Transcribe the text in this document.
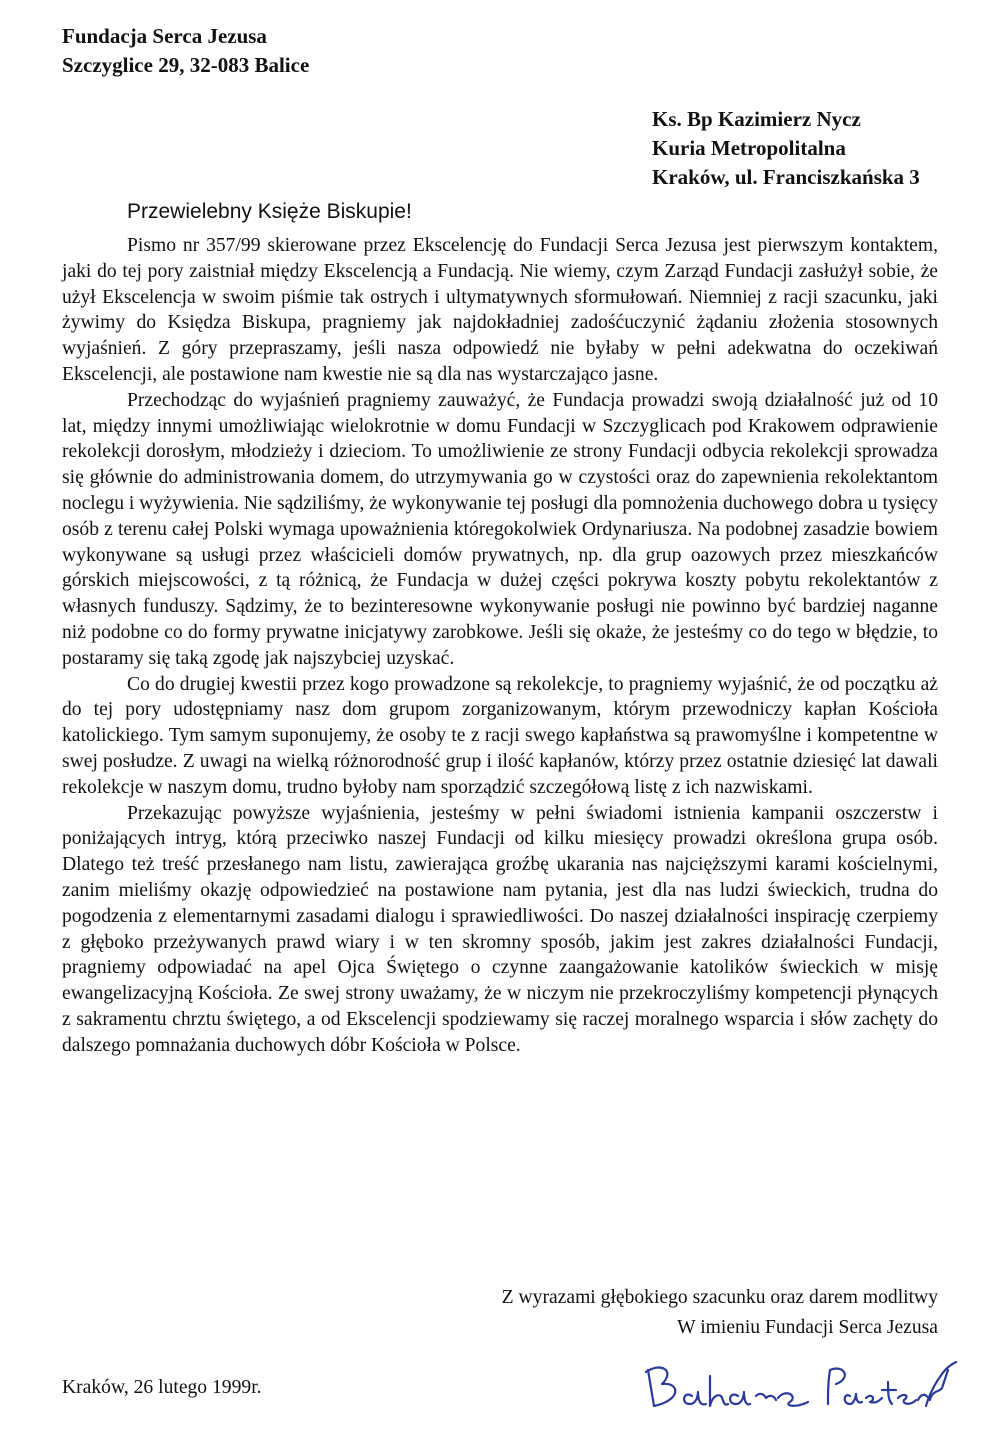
Fundacja Serca Jezusa
Szczyglice 29, 32-083 Balice
Ks. Bp Kazimierz Nycz
Kuria Metropolitalna
Kraków, ul. Franciszkańska 3
Przewielebny Księże Biskupie!

Pismo nr 357/99 skierowane przez Ekscelencję do Fundacji Serca Jezusa jest pierwszym kontaktem, jaki do tej pory zaistniał między Ekscelencją a Fundacją. Nie wiemy, czym Zarząd Fundacji zasłużył sobie, że użył Ekscelencja w swoim piśmie tak ostrych i ultymatywnych sformułowań. Niemniej z racji szacunku, jaki żywimy do Księdza Biskupa, pragniemy jak najdokładniej zadośćuczynić żądaniu złożenia stosownych wyjaśnień. Z góry przepraszamy, jeśli nasza odpowiedź nie byłaby w pełni adekwatna do oczekiwań Ekscelencji, ale postawione nam kwestie nie są dla nas wystarczająco jasne.

Przechodząc do wyjaśnień pragniemy zauważyć, że Fundacja prowadzi swoją działalność już od 10 lat, między innymi umożliwiając wielokrotnie w domu Fundacji w Szczyglicach pod Krakowem odprawienie rekolekcji dorosłym, młodzieży i dzieciom. To umożliwienie ze strony Fundacji odbycia rekolekcji sprowadza się głównie do administrowania domem, do utrzymywania go w czystości oraz do zapewnienia rekolektantom noclegu i wyżywienia. Nie sądziliśmy, że wykonywanie tej posługi dla pomnożenia duchowego dobra u tysięcy osób z terenu całej Polski wymaga upoważnienia któregokolwiek Ordynariusza. Na podobnej zasadzie bowiem wykonywane są usługi przez właścicieli domów prywatnych, np. dla grup oazowych przez mieszkańców górskich miejscowości, z tą różnicą, że Fundacja w dużej części pokrywa koszty pobytu rekolektantów z własnych funduszy. Sądzimy, że to bezinteresowne wykonywanie posługi nie powinno być bardziej naganne niż podobne co do formy prywatne inicjatywy zarobkowe. Jeśli się okaże, że jesteśmy co do tego w błędzie, to postaramy się taką zgodę jak najszybciej uzyskać.

Co do drugiej kwestii przez kogo prowadzone są rekolekcje, to pragniemy wyjaśnić, że od początku aż do tej pory udostępniamy nasz dom grupom zorganizowanym, którym przewodniczy kapłan Kościoła katolickiego. Tym samym suponujemy, że osoby te z racji swego kapłaństwa są prawomyślne i kompetentne w swej posłudze. Z uwagi na wielką różnorodność grup i ilość kapłanów, którzy przez ostatnie dziesięć lat dawali rekolekcje w naszym domu, trudno byłoby nam sporządzić szczegółową listę z ich nazwiskami.

Przekazując powyższe wyjaśnienia, jesteśmy w pełni świadomi istnienia kampanii oszczerstw i poniżających intryg, którą przeciwko naszej Fundacji od kilku miesięcy prowadzi określona grupa osób. Dlatego też treść przesłanego nam listu, zawierająca groźbę ukarania nas najcięższymi karami kościelnymi, zanim mieliśmy okazję odpowiedzieć na postawione nam pytania, jest dla nas ludzi świeckich, trudna do pogodzenia z elementarnymi zasadami dialogu i sprawiedliwości. Do naszej działalności inspirację czerpiemy z głęboko przeżywanych prawd wiary i w ten skromny sposób, jakim jest zakres działalności Fundacji, pragniemy odpowiadać na apel Ojca Świętego o czynne zaangażowanie katolików świeckich w misję ewangelizacyjną Kościoła. Ze swej strony uważamy, że w niczym nie przekroczyliśmy kompetencji płynących z sakramentu chrztu świętego, a od Ekscelencji spodziewamy się raczej moralnego wsparcia i słów zachęty do dalszego pomnażania duchowych dóbr Kościoła w Polsce.

Z wyrazami głębokiego szacunku oraz darem modlitwy
W imieniu Fundacji Serca Jezusa
Kraków, 26 lutego 1999r.
